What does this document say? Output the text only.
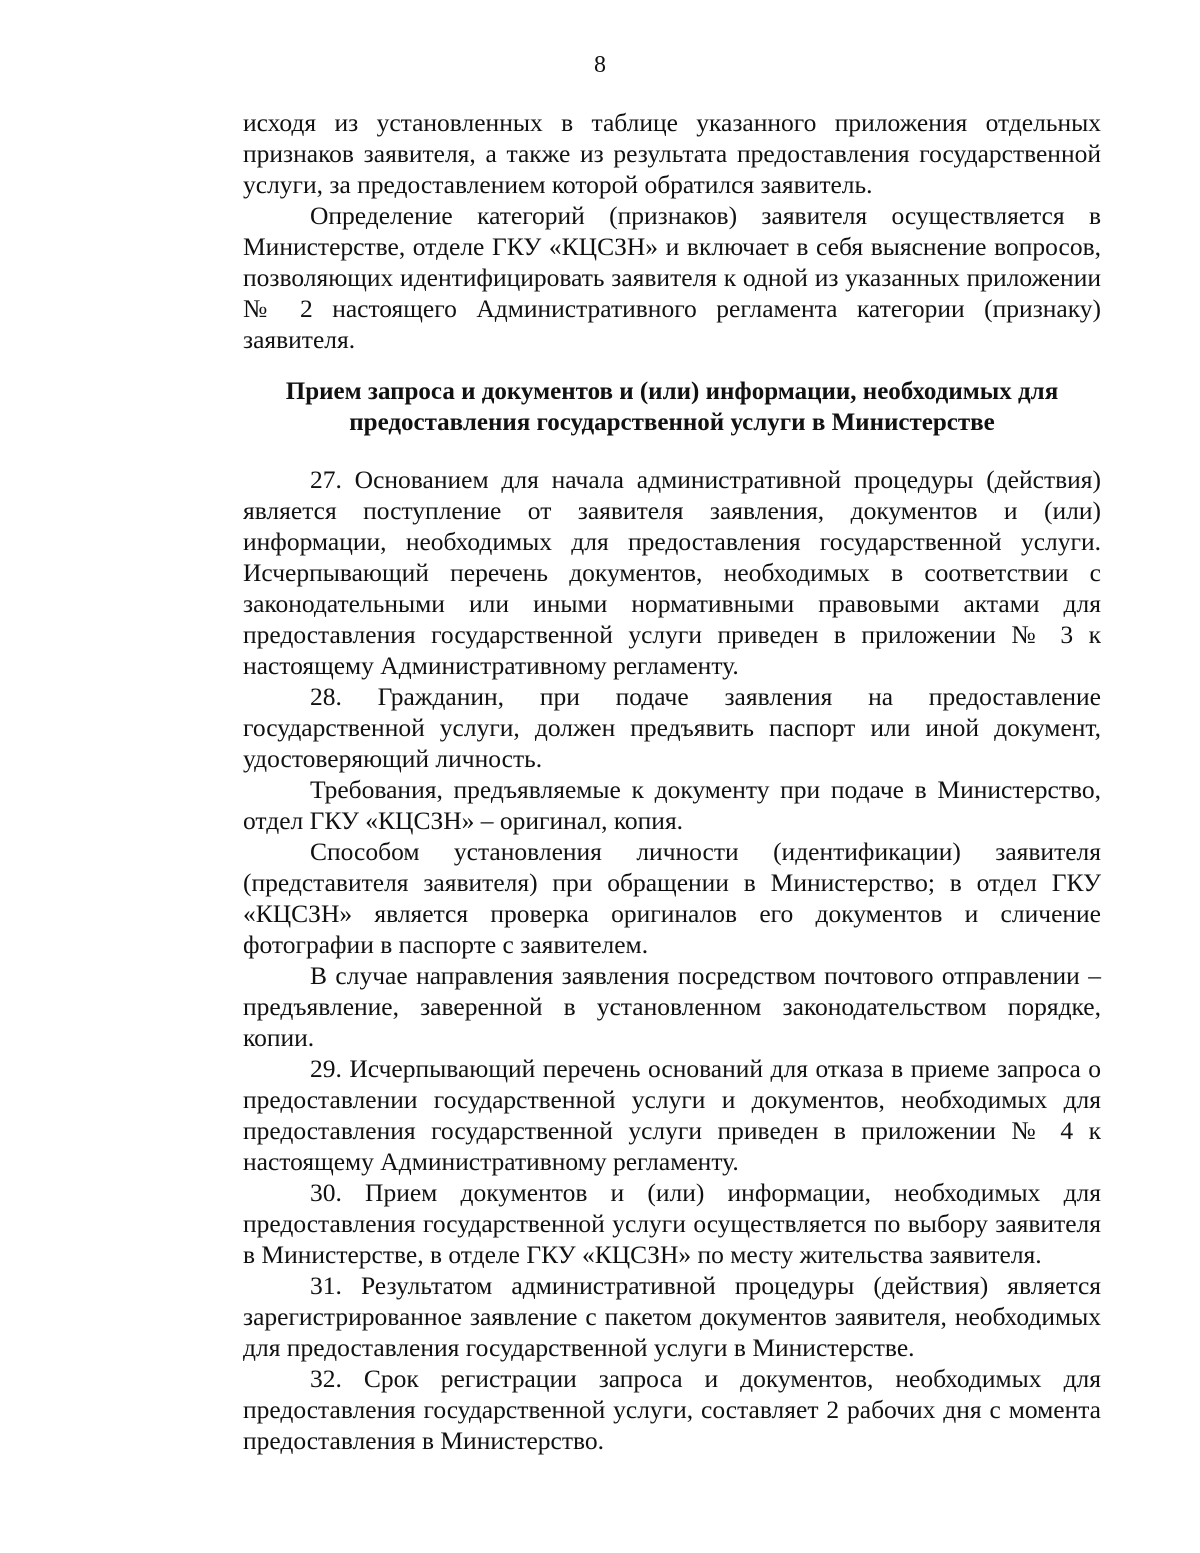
8

исходя из установленных в таблице указанного приложения отдельных признаков заявителя, а также из результата предоставления государственной услуги, за предоставлением которой обратился заявитель.

Определение категорий (признаков) заявителя осуществляется в Министерстве, отделе ГКУ «КЦСЗН» и включает в себя выяснение вопросов, позволяющих идентифицировать заявителя к одной из указанных приложении № 2 настоящего Административного регламента категории (признаку) заявителя.

Прием запроса и документов и (или) информации, необходимых для
предоставления государственной услуги в Министерстве

27. Основанием для начала административной процедуры (действия) является поступление от заявителя заявления, документов и (или) информации, необходимых для предоставления государственной услуги. Исчерпывающий перечень документов, необходимых в соответствии с законодательными или иными нормативными правовыми актами для предоставления государственной услуги приведен в приложении № 3 к настоящему Административному регламенту.

28. Гражданин, при подаче заявления на предоставление государственной услуги, должен предъявить паспорт или иной документ, удостоверяющий личность.

Требования, предъявляемые к документу при подаче в Министерство, отдел ГКУ «КЦСЗН» – оригинал, копия.

Способом установления личности (идентификации) заявителя (представителя заявителя) при обращении в Министерство; в отдел ГКУ «КЦСЗН» является проверка оригиналов его документов и сличение фотографии в паспорте с заявителем.

В случае направления заявления посредством почтового отправлении – предъявление, заверенной в установленном законодательством порядке, копии.

29. Исчерпывающий перечень оснований для отказа в приеме запроса о предоставлении государственной услуги и документов, необходимых для предоставления государственной услуги приведен в приложении № 4 к настоящему Административному регламенту.

30. Прием документов и (или) информации, необходимых для предоставления государственной услуги осуществляется по выбору заявителя в Министерстве, в отделе ГКУ «КЦСЗН» по месту жительства заявителя.

31. Результатом административной процедуры (действия) является зарегистрированное заявление с пакетом документов заявителя, необходимых для предоставления государственной услуги в Министерстве.

32. Срок регистрации запроса и документов, необходимых для предоставления государственной услуги, составляет 2 рабочих дня с момента предоставления в Министерство.
